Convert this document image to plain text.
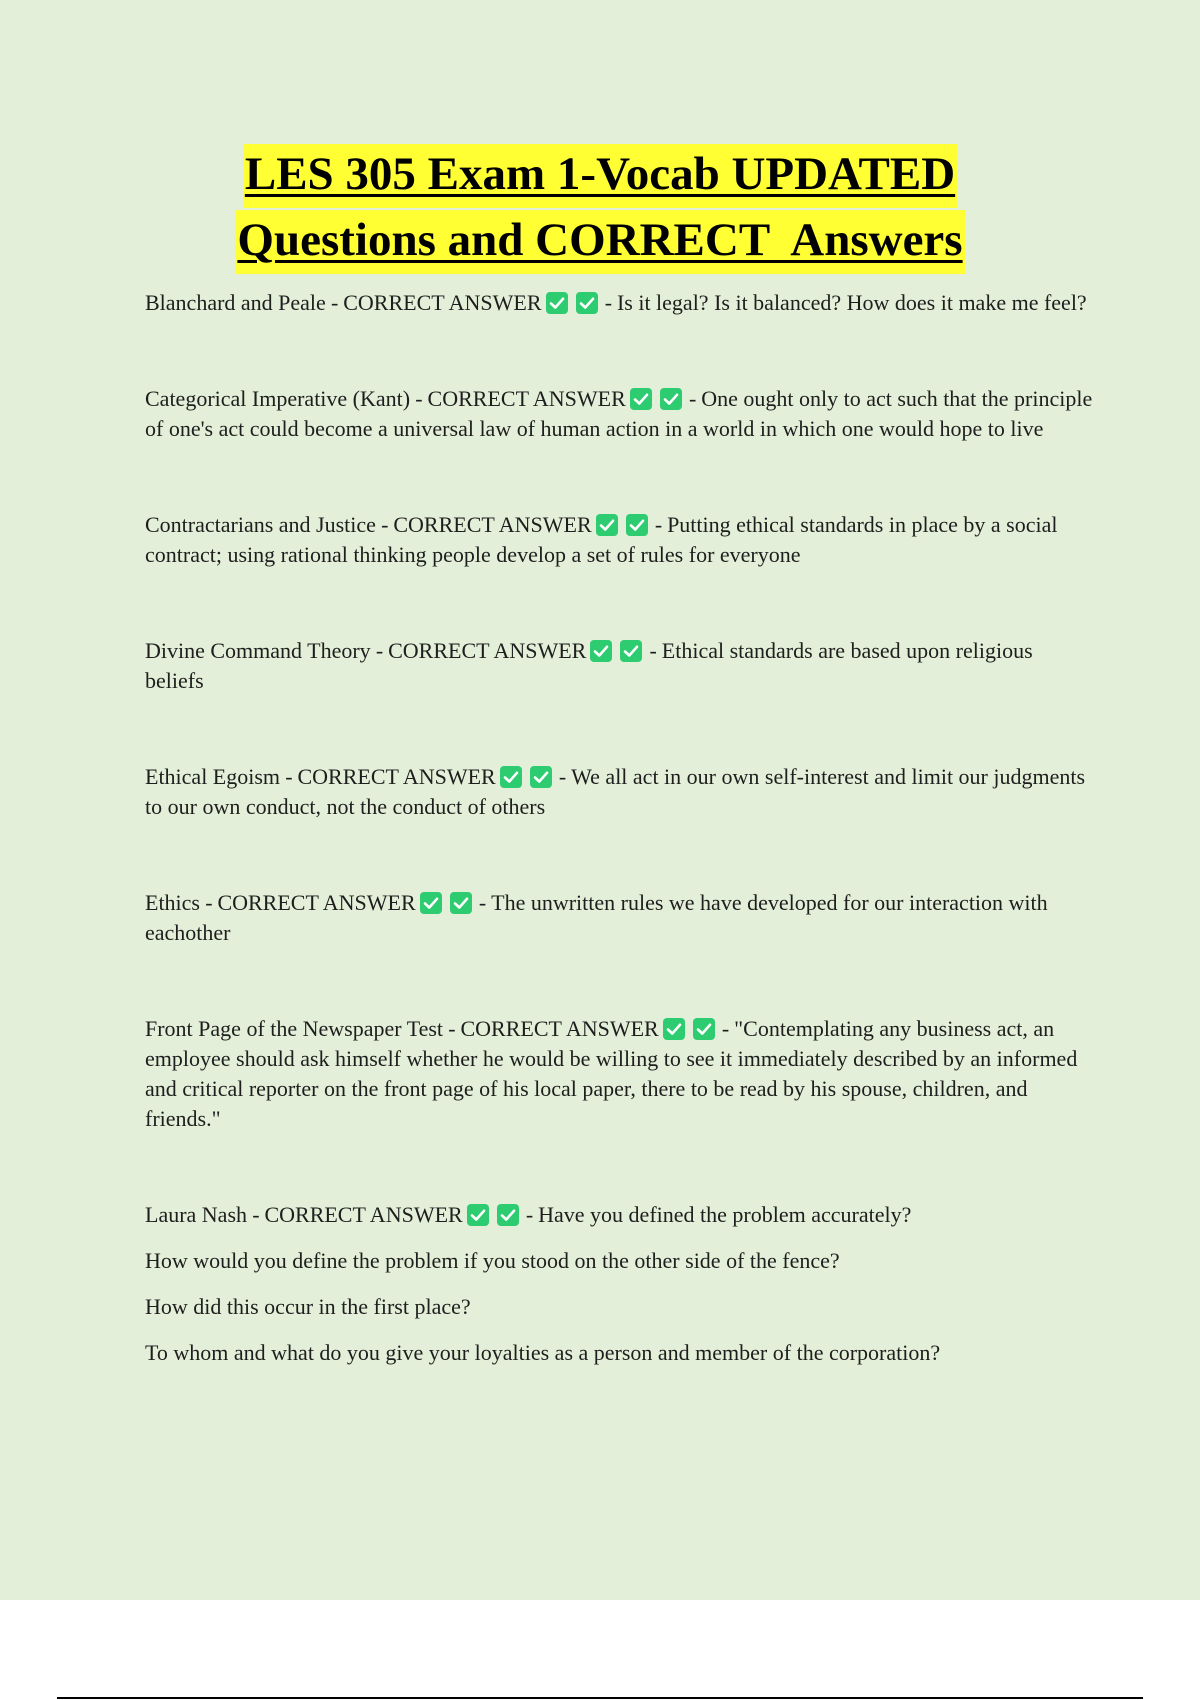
LES 305 Exam 1-Vocab UPDATED
Questions and CORRECT  Answers

Blanchard and Peale - CORRECT ANSWER	- Is it legal? Is it balanced? How does it make me feel?

Categorical Imperative (Kant) - CORRECT ANSWER	- One ought only to act such that the principle of one's act could become a universal law of human action in a world in which one would hope to live

Contractarians and Justice - CORRECT ANSWER	- Putting ethical standards in place by a social contract; using rational thinking people develop a set of rules for everyone

Divine Command Theory - CORRECT ANSWER	- Ethical standards are based upon religious beliefs

Ethical Egoism - CORRECT ANSWER	- We all act in our own self-interest and limit our judgments to our own conduct, not the conduct of others

Ethics - CORRECT ANSWER	- The unwritten rules we have developed for our interaction with eachother

Front Page of the Newspaper Test - CORRECT ANSWER	- "Contemplating any business act, an employee should ask himself whether he would be willing to see it immediately described by an informed and critical reporter on the front page of his local paper, there to be read by his spouse, children, and friends."

Laura Nash - CORRECT ANSWER	- Have you defined the problem accurately?
How would you define the problem if you stood on the other side of the fence?
How did this occur in the first place?
To whom and what do you give your loyalties as a person and member of the corporation?
